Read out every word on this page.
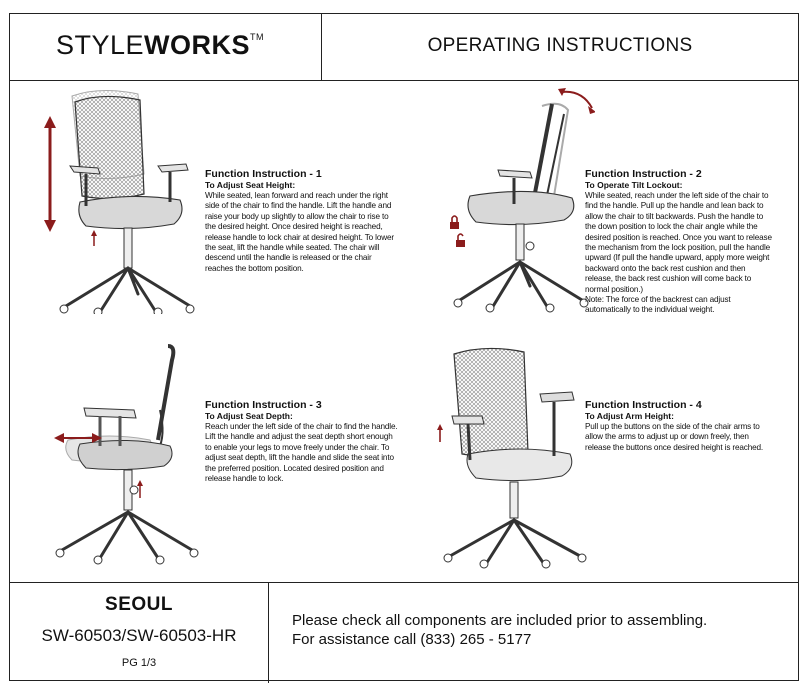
STYLEWORKS™	OPERATING INSTRUCTIONS
Function Instruction - 1
To Adjust Seat Height:
While seated, lean forward and reach under the right side of the chair to find the handle. Lift the handle and raise your body up slightly to allow the chair to rise to the desired height. Once desired height is reached, release handle to lock chair at desired height. To lower the seat, lift the handle while seated. The chair will descend until the handle is released or the chair reaches the bottom position.
Function Instruction - 2
To Operate Tilt Lockout:
While seated, reach under the left side of the chair to find the handle. Pull up the handle and lean back to allow the chair to tilt backwards. Push the handle to the down position to lock the chair angle while the desired position is reached. Once you want to release the mechanism from the lock position, pull the handle upward (If pull the handle upward, apply more weight backward onto the back rest cushion and then release, the back rest cushion will come back to normal position.)
Note: The force of the backrest can adjust automatically to the individual weight.
Function Instruction - 3
To Adjust Seat Depth:
Reach under the left side of the chair to find the handle. Lift the handle and adjust the seat depth short enough to enable your legs to move freely under the chair. To adjust seat depth, lift the handle and slide the seat into the preferred position. Located desired position and release handle to lock.
Function Instruction - 4
To Adjust Arm Height:
Pull up the buttons on the side of the chair arms to allow the arms to adjust up or down freely, then release the buttons once desired height is reached.
SEOUL
SW-60503/SW-60503-HR
PG 1/3
Please check all components are included prior to assembling.
For assistance call (833) 265 - 5177
